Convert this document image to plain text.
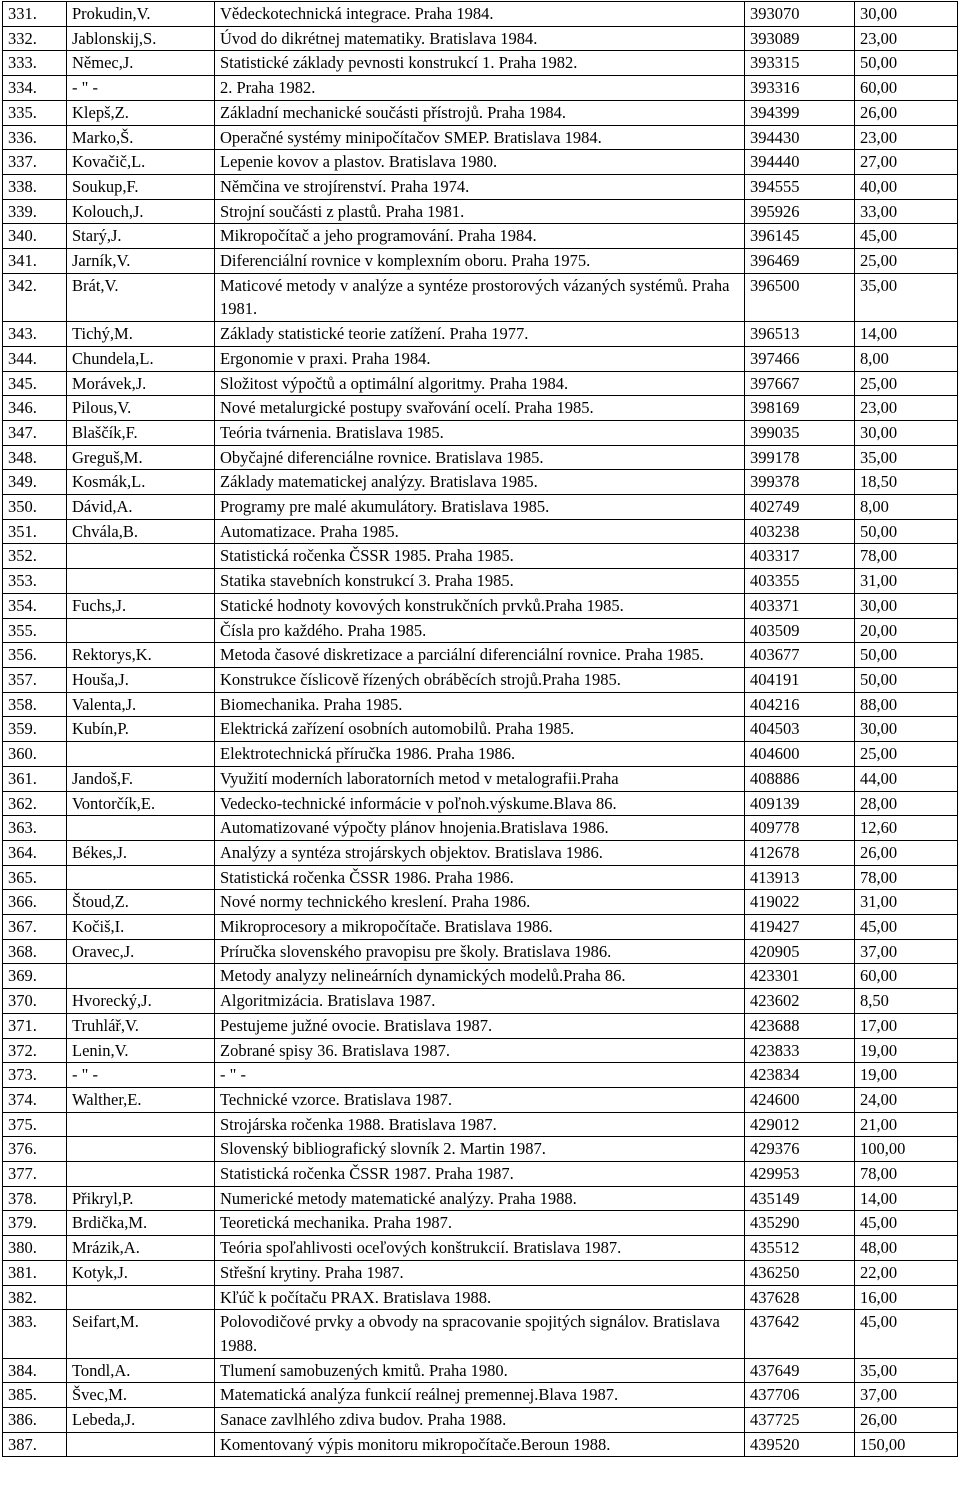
331.	Prokudin,V.	Vědeckotechnická integrace. Praha 1984.	393070	30,00
332.	Jablonskij,S.	Úvod do dikrétnej matematiky. Bratislava 1984.	393089	23,00
333.	Němec,J.	Statistické základy pevnosti konstrukcí 1. Praha 1982.	393315	50,00
334.	- " -	2. Praha 1982.	393316	60,00
335.	Klepš,Z.	Základní mechanické součásti přístrojů. Praha 1984.	394399	26,00
336.	Marko,Š.	Operačné systémy minipočítačov SMEP. Bratislava 1984.	394430	23,00
337.	Kovačič,L.	Lepenie kovov a plastov. Bratislava 1980.	394440	27,00
338.	Soukup,F.	Němčina ve strojírenství. Praha 1974.	394555	40,00
339.	Kolouch,J.	Strojní součásti z plastů. Praha 1981.	395926	33,00
340.	Starý,J.	Mikropočítač a jeho programování. Praha 1984.	396145	45,00
341.	Jarník,V.	Diferenciální rovnice v komplexním oboru. Praha 1975.	396469	25,00
342.	Brát,V.	Maticové metody v analýze a syntéze prostorových vázaných systémů. Praha 1981.	396500	35,00
343.	Tichý,M.	Základy statistické teorie zatížení. Praha 1977.	396513	14,00
344.	Chundela,L.	Ergonomie v praxi. Praha 1984.	397466	8,00
345.	Morávek,J.	Složitost výpočtů a optimální algoritmy. Praha 1984.	397667	25,00
346.	Pilous,V.	Nové metalurgické postupy svařování ocelí. Praha 1985.	398169	23,00
347.	Blaščík,F.	Teória tvárnenia. Bratislava 1985.	399035	30,00
348.	Greguš,M.	Obyčajné diferenciálne rovnice. Bratislava 1985.	399178	35,00
349.	Kosmák,L.	Základy matematickej analýzy. Bratislava 1985.	399378	18,50
350.	Dávid,A.	Programy pre malé akumulátory. Bratislava 1985.	402749	8,00
351.	Chvála,B.	Automatizace. Praha 1985.	403238	50,00
352.		Statistická ročenka ČSSR 1985. Praha 1985.	403317	78,00
353.		Statika stavebních konstrukcí 3. Praha 1985.	403355	31,00
354.	Fuchs,J.	Statické hodnoty kovových konstrukčních prvků.Praha 1985.	403371	30,00
355.		Čísla pro každého. Praha 1985.	403509	20,00
356.	Rektorys,K.	Metoda časové diskretizace a parciální diferenciální rovnice. Praha 1985.	403677	50,00
357.	Houša,J.	Konstrukce číslicově řízených obráběcích strojů.Praha 1985.	404191	50,00
358.	Valenta,J.	Biomechanika. Praha 1985.	404216	88,00
359.	Kubín,P.	Elektrická zařízení osobních automobilů. Praha 1985.	404503	30,00
360.		Elektrotechnická příručka 1986. Praha 1986.	404600	25,00
361.	Jandoš,F.	Využití moderních laboratorních metod v metalografii.Praha	408886	44,00
362.	Vontorčík,E.	Vedecko-technické informácie v poľnoh.výskume.Blava 86.	409139	28,00
363.		Automatizované výpočty plánov hnojenia.Bratislava 1986.	409778	12,60
364.	Békes,J.	Analýzy a syntéza strojárskych objektov. Bratislava 1986.	412678	26,00
365.		Statistická ročenka ČSSR 1986. Praha 1986.	413913	78,00
366.	Štoud,Z.	Nové normy technického kreslení. Praha 1986.	419022	31,00
367.	Kočiš,I.	Mikroprocesory a mikropočítače. Bratislava 1986.	419427	45,00
368.	Oravec,J.	Príručka slovenského pravopisu pre školy. Bratislava 1986.	420905	37,00
369.		Metody analyzy nelineárních dynamických modelů.Praha 86.	423301	60,00
370.	Hvorecký,J.	Algoritmizácia. Bratislava 1987.	423602	8,50
371.	Truhlář,V.	Pestujeme južné ovocie. Bratislava 1987.	423688	17,00
372.	Lenin,V.	Zobrané spisy 36. Bratislava 1987.	423833	19,00
373.	- " -	- " -	423834	19,00
374.	Walther,E.	Technické vzorce. Bratislava 1987.	424600	24,00
375.		Strojárska ročenka 1988. Bratislava 1987.	429012	21,00
376.		Slovenský bibliografický slovník 2. Martin 1987.	429376	100,00
377.		Statistická ročenka ČSSR 1987. Praha 1987.	429953	78,00
378.	Přikryl,P.	Numerické metody matematické analýzy. Praha 1988.	435149	14,00
379.	Brdička,M.	Teoretická mechanika. Praha 1987.	435290	45,00
380.	Mrázik,A.	Teória spoľahlivosti oceľových konštrukcií. Bratislava 1987.	435512	48,00
381.	Kotyk,J.	Střešní krytiny. Praha 1987.	436250	22,00
382.		Kľúč k počítaču PRAX. Bratislava 1988.	437628	16,00
383.	Seifart,M.	Polovodičové prvky a obvody na spracovanie spojitých signálov. Bratislava 1988.	437642	45,00
384.	Tondl,A.	Tlumení samobuzených kmitů. Praha 1980.	437649	35,00
385.	Švec,M.	Matematická analýza funkcií reálnej premennej.Blava 1987.	437706	37,00
386.	Lebeda,J.	Sanace zavlhlého zdiva budov. Praha 1988.	437725	26,00
387.		Komentovaný výpis monitoru mikropočítače.Beroun 1988.	439520	150,00
